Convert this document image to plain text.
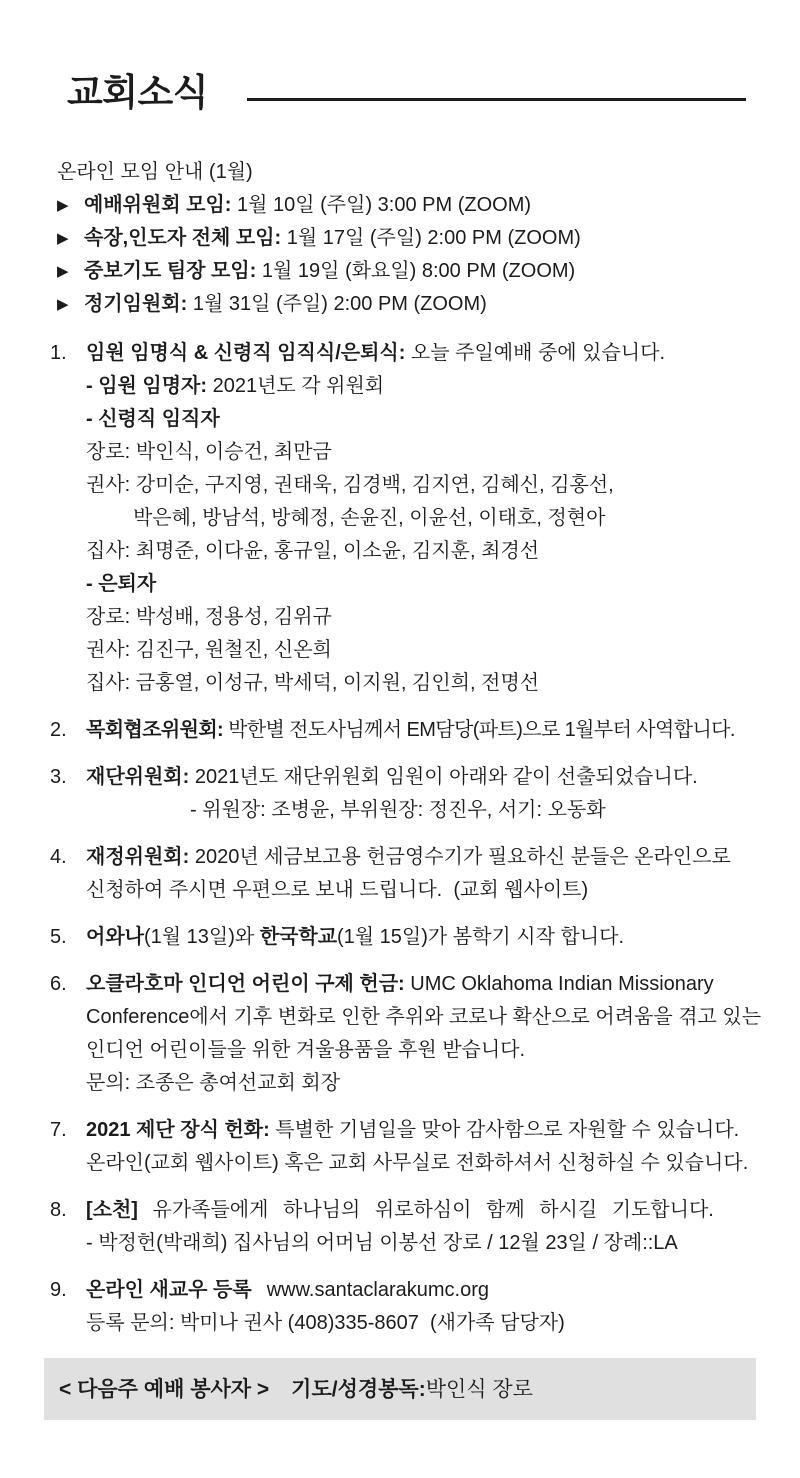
교회소식
온라인 모임 안내 (1월)
▶ 예배위원회 모임: 1월 10일 (주일) 3:00 PM (ZOOM)
▶ 속장,인도자 전체 모임: 1월 17일 (주일) 2:00 PM (ZOOM)
▶ 중보기도 팀장 모임: 1월 19일 (화요일) 8:00 PM (ZOOM)
▶ 정기임원회: 1월 31일 (주일) 2:00 PM (ZOOM)
1. 임원 임명식 & 신령직 임직식/은퇴식: 오늘 주일예배 중에 있습니다.
- 임원 임명자: 2021년도 각 위원회
- 신령직 임직자
장로: 박인식, 이승건, 최만금
권사: 강미순, 구지영, 권태욱, 김경백, 김지연, 김혜신, 김홍선,
박은혜, 방남석, 방혜정, 손윤진, 이윤선, 이태호, 정현아
집사: 최명준, 이다윤, 홍규일, 이소윤, 김지훈, 최경선
- 은퇴자
장로: 박성배, 정용성, 김위규
권사: 김진구, 원철진, 신온희
집사: 금홍열, 이성규, 박세덕, 이지원, 김인희, 전명선
2. 목회협조위원회: 박한별 전도사님께서 EM담당(파트)으로 1월부터 사역합니다.
3. 재단위원회: 2021년도 재단위원회 임원이 아래와 같이 선출되었습니다.
- 위원장: 조병윤, 부위원장: 정진우, 서기: 오동화
4. 재정위원회: 2020년 세금보고용 헌금영수기가 필요하신 분들은 온라인으로
신청하여 주시면 우편으로 보내 드립니다.  (교회 웹사이트)
5. 어와나(1월 13일)와 한국학교(1월 15일)가 봄학기 시작 합니다.
6. 오클라호마 인디언 어린이 구제 헌금: UMC Oklahoma Indian Missionary
Conference에서 기후 변화로 인한 추위와 코로나 확산으로 어려움을 겪고 있는
인디언 어린이들을 위한 겨울용품을 후원 받습니다.
문의: 조종은 총여선교회 회장
7. 2021 제단 장식 헌화: 특별한 기념일을 맞아 감사함으로 자원할 수 있습니다.
온라인(교회 웹사이트) 혹은 교회 사무실로 전화하셔서 신청하실 수 있습니다.
8. [소천] 유가족들에게 하나님의 위로하심이 함께 하시길 기도합니다.
- 박정헌(박래희) 집사님의 어머님 이봉선 장로 / 12월 23일 / 장례::LA
9. 온라인 새교우 등록 www.santaclarakumc.org
등록 문의: 박미나 권사 (408)335-8607  (새가족 담당자)
< 다음주 예배 봉사자 > 기도/성경봉독: 박인식 장로
